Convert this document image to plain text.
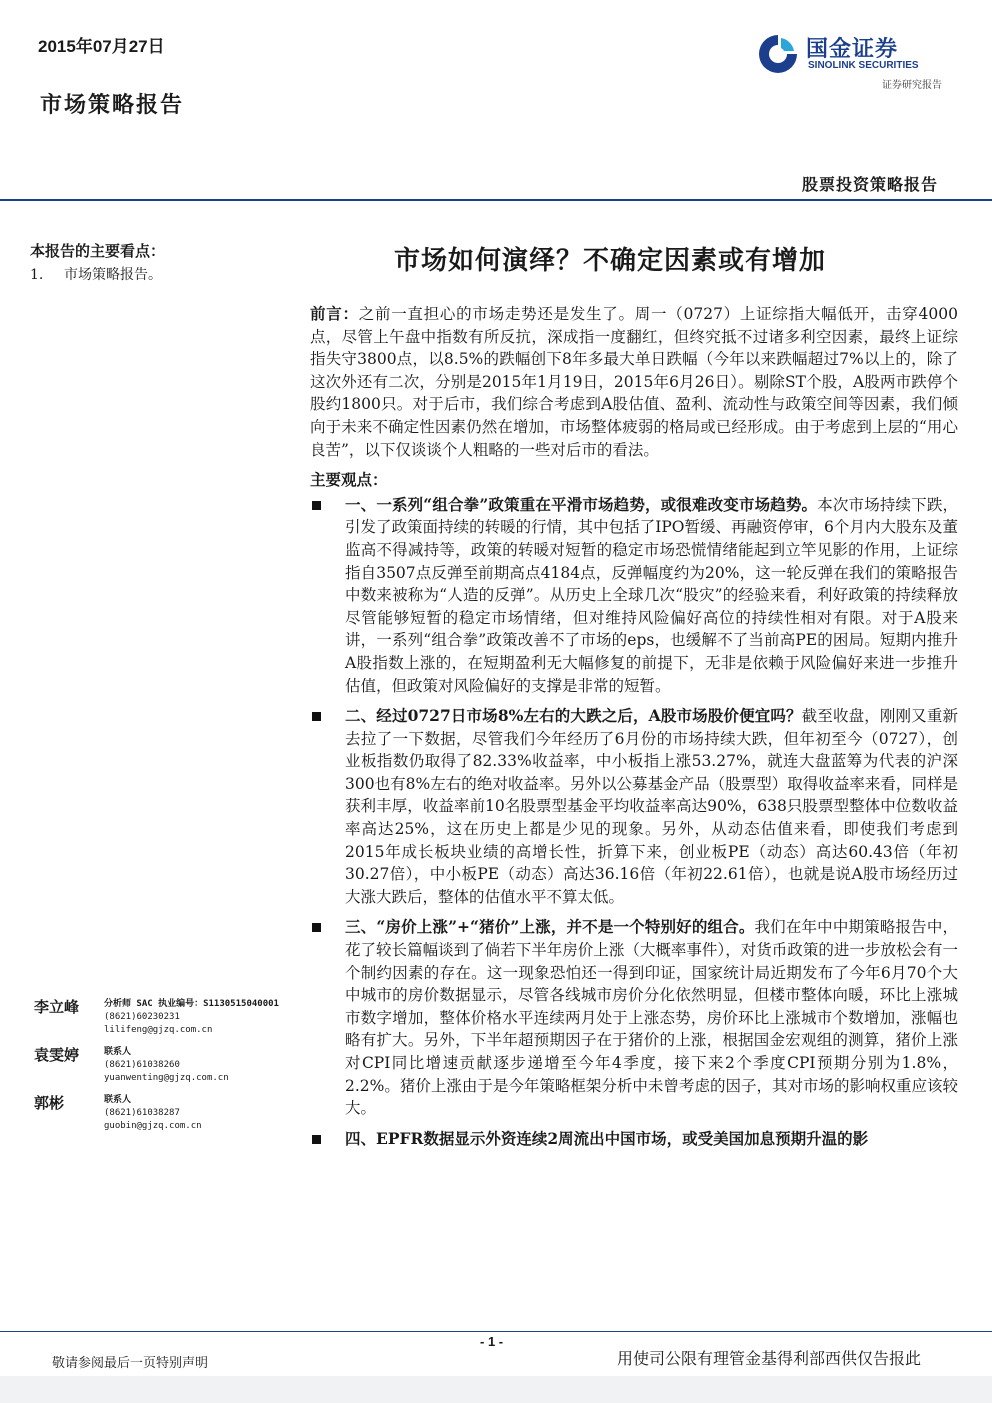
2015年07月27日
市场策略报告
国金证券
SINOLINK SECURITIES
证券研究报告
股票投资策略报告
本报告的主要看点：
1. 市场策略报告。	市场如何演绎？不确定因素或有增加

前言：之前一直担心的市场走势还是发生了。周一（0727）上证综指大幅低开，击穿4000点，尽管上午盘中指数有所反抗，深成指一度翻红，但终究抵不过诸多利空因素，最终上证综指失守3800点，以8.5%的跌幅创下8年多最大单日跌幅（今年以来跌幅超过7%以上的，除了这次外还有二次，分别是2015年1月19日，2015年6月26日）。剔除ST个股，A股两市跌停个股约1800只。对于后市，我们综合考虑到A股估值、盈利、流动性与政策空间等因素，我们倾向于未来不确定性因素仍然在增加，市场整体疲弱的格局或已经形成。由于考虑到上层的“用心良苦”，以下仅谈谈个人粗略的一些对后市的看法。

主要观点：

一、一系列“组合拳”政策重在平滑市场趋势，或很难改变市场趋势。本次市场持续下跌，引发了政策面持续的转暖的行情，其中包括了IPO暂缓、再融资停审，6个月内大股东及董监高不得减持等，政策的转暖对短暂的稳定市场恐慌情绪能起到立竿见影的作用，上证综指自3507点反弹至前期高点4184点，反弹幅度约为20%，这一轮反弹在我们的策略报告中数来被称为“人造的反弹”。从历史上全球几次“股灾”的经验来看，利好政策的持续释放尽管能够短暂的稳定市场情绪，但对维持风险偏好高位的持续性相对有限。对于A股来讲，一系列“组合拳”政策改善不了市场的eps，也缓解不了当前高PE的困局。短期内推升A股指数上涨的，在短期盈利无大幅修复的前提下，无非是依赖于风险偏好来进一步推升估值，但政策对风险偏好的支撑是非常的短暂。
二、经过0727日市场8%左右的大跌之后，A股市场股价便宜吗？截至收盘，刚刚又重新去拉了一下数据，尽管我们今年经历了6月份的市场持续大跌，但年初至今（0727），创业板指数仍取得了82.33%收益率，中小板指上涨53.27%，就连大盘蓝筹为代表的沪深300也有8%左右的绝对收益率。另外以公募基金产品（股票型）取得收益率来看，同样是获利丰厚，收益率前10名股票型基金平均收益率高达90%，638只股票型整体中位数收益率高达25%，这在历史上都是少见的现象。另外，从动态估值来看，即使我们考虑到2015年成长板块业绩的高增长性，折算下来，创业板PE（动态）高达60.43倍（年初30.27倍），中小板PE（动态）高达36.16倍（年初22.61倍），也就是说A股市场经历过大涨大跌后，整体的估值水平不算太低。
三、“房价上涨”+“猪价”上涨，并不是一个特别好的组合。我们在年中中期策略报告中，花了较长篇幅谈到了倘若下半年房价上涨（大概率事件），对货币政策的进一步放松会有一个制约因素的存在。这一现象恐怕还一得到印证，国家统计局近期发布了今年6月70个大中城市的房价数据显示，尽管各线城市房价分化依然明显，但楼市整体向暖，环比上涨城市数字增加，整体价格水平连续两月处于上涨态势，房价环比上涨城市个数增加，涨幅也略有扩大。另外，下半年超预期因子在于猪价的上涨，根据国金宏观组的测算，猪价上涨对CPI同比增速贡献逐步递增至今年4季度，接下来2个季度CPI预期分别为1.8%，2.2%。猪价上涨由于是今年策略框架分析中未曾考虑的因子，其对市场的影响权重应该较大。
四、EPFR数据显示外资连续2周流出中国市场，或受美国加息预期升温的影
李立峰	分析师 SAC 执业编号：S1130515040001
(8621)60230231
lilifeng@gjzq.com.cn
袁雯婷	联系人
(8621)61038260
yuanwenting@gjzq.com.cn
郭彬	联系人
(8621)61038287
guobin@gjzq.com.cn
- 1 -
敬请参阅最后一页特别声明	用使司公限有理管金基得利部西供仅告报此
